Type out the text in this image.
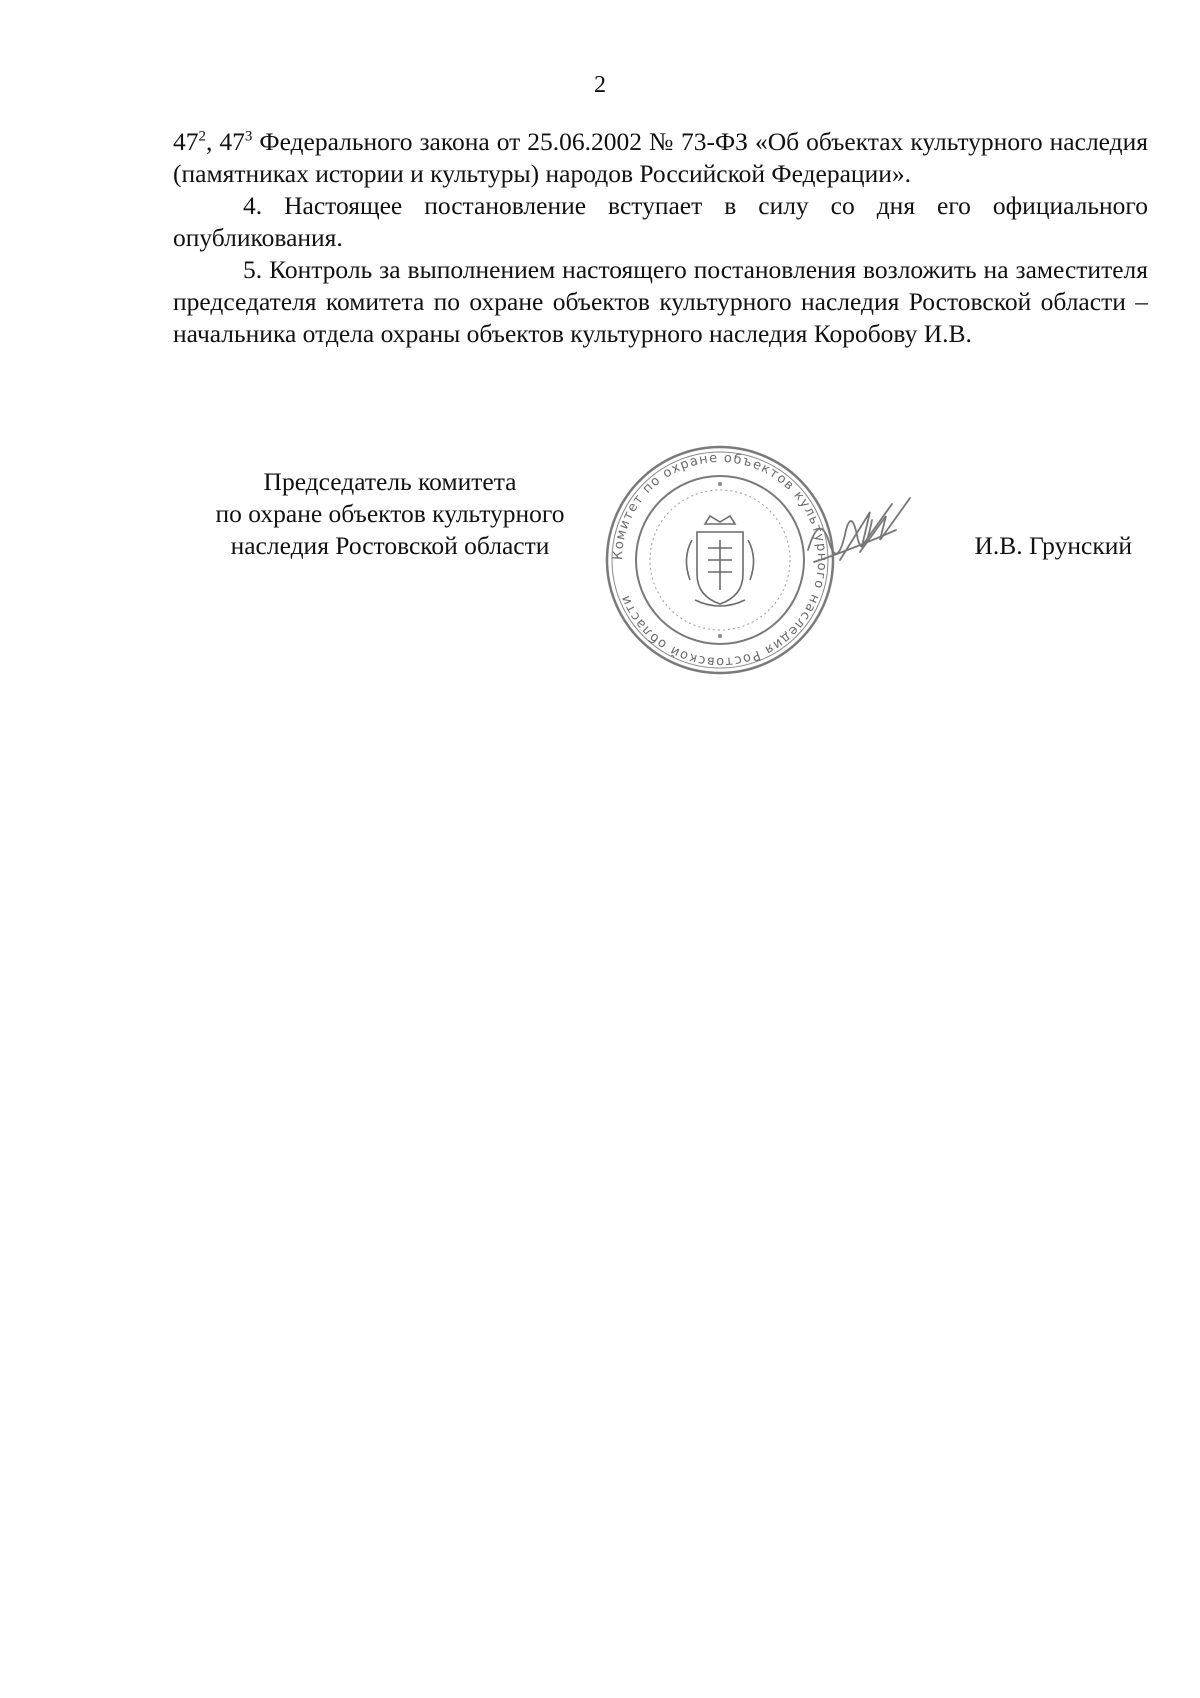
2

$47^2$, $47^3$ Федерального закона от 25.06.2002 № 73-ФЗ «Об объектах культурного наследия (памятниках истории и культуры) народов Российской Федерации».

4. Настоящее постановление вступает в силу со дня его официального опубликования.

5. Контроль за выполнением настоящего постановления возложить на заместителя председателя комитета по охране объектов культурного наследия Ростовской области – начальника отдела охраны объектов культурного наследия Коробову И.В.

Председатель комитета
по охране объектов культурного
наследия Ростовской области	Комитет по охране объектов культурного наследия Ростовской области
И.В. Грунский
